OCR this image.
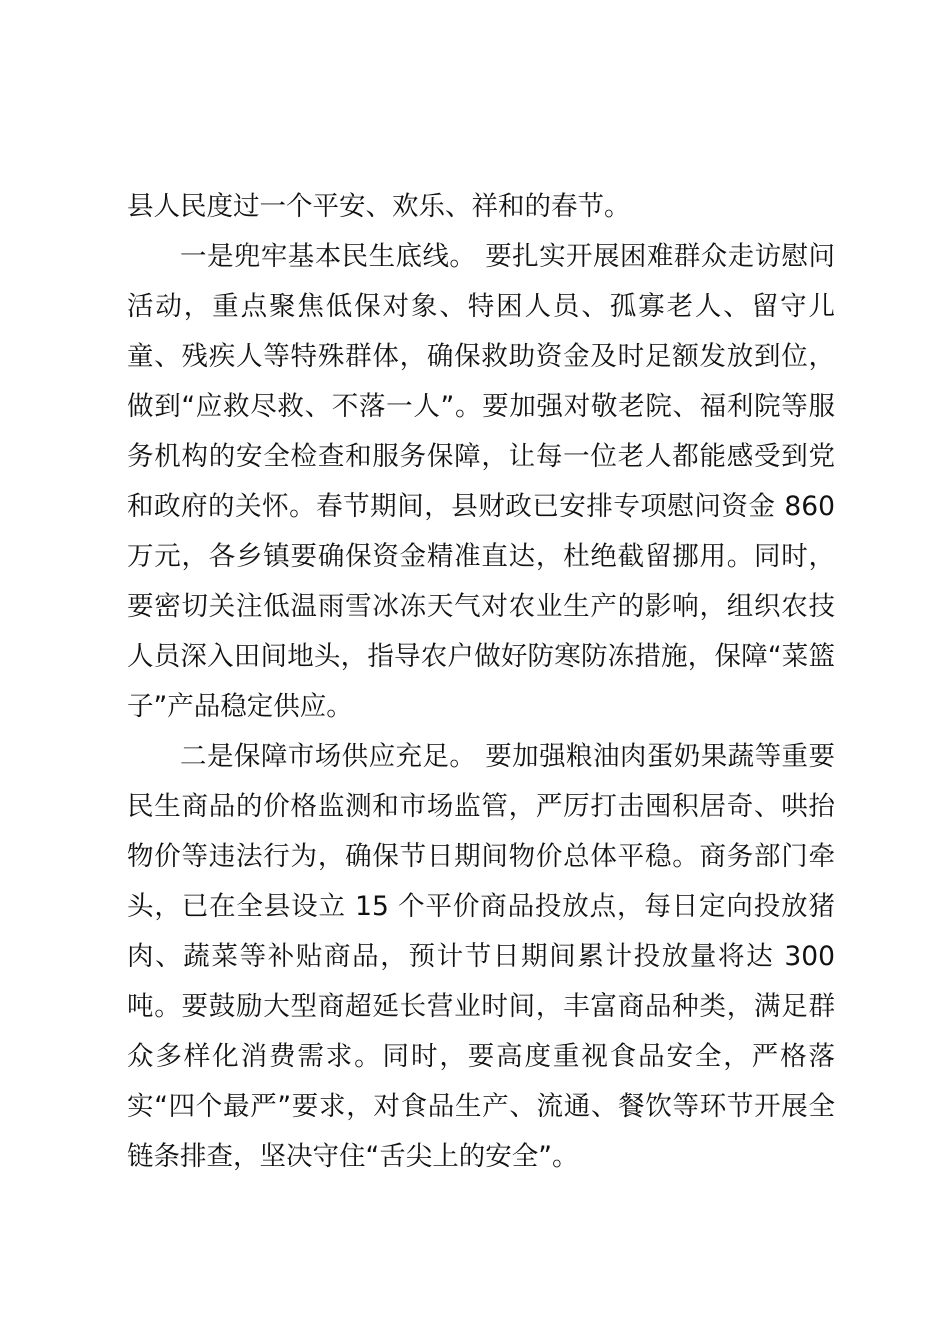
县人民度过一个平安、欢乐、祥和的春节。

一是兜牢基本民生底线。 要扎实开展困难群众走访慰问活动，重点聚焦低保对象、特困人员、孤寡老人、留守儿童、残疾人等特殊群体，确保救助资金及时足额发放到位，做到“应救尽救、不落一人”。要加强对敬老院、福利院等服务机构的安全检查和服务保障，让每一位老人都能感受到党和政府的关怀。春节期间，县财政已安排专项慰问资金 860 万元，各乡镇要确保资金精准直达，杜绝截留挪用。同时，要密切关注低温雨雪冰冻天气对农业生产的影响，组织农技人员深入田间地头，指导农户做好防寒防冻措施，保障“菜篮子”产品稳定供应。

二是保障市场供应充足。 要加强粮油肉蛋奶果蔬等重要民生商品的价格监测和市场监管，严厉打击囤积居奇、哄抬物价等违法行为，确保节日期间物价总体平稳。商务部门牵头，已在全县设立 15 个平价商品投放点，每日定向投放猪肉、蔬菜等补贴商品，预计节日期间累计投放量将达 300 吨。要鼓励大型商超延长营业时间，丰富商品种类，满足群众多样化消费需求。同时，要高度重视食品安全，严格落实“四个最严”要求，对食品生产、流通、餐饮等环节开展全链条排查，坚决守住“舌尖上的安全”。
